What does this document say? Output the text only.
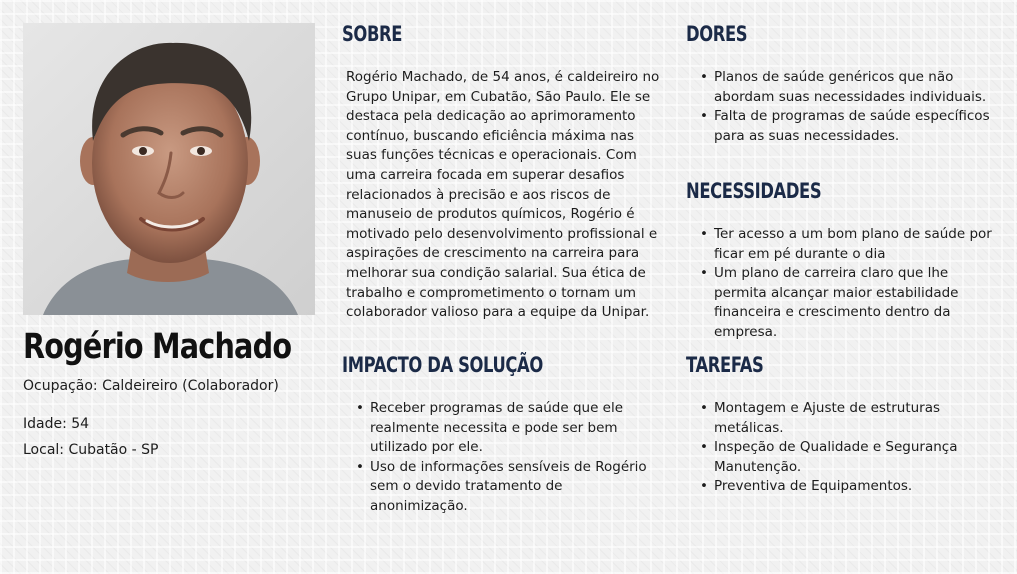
Rogério Machado
Ocupação: Caldeireiro (Colaborador)
Idade: 54
Local: Cubatão - SP
SOBRE

Rogério Machado, de 54 anos, é caldeireiro no Grupo Unipar, em Cubatão, São Paulo. Ele se destaca pela dedicação ao aprimoramento contínuo, buscando eficiência máxima nas suas funções técnicas e operacionais. Com uma carreira focada em superar desafios relacionados à precisão e aos riscos de manuseio de produtos químicos, Rogério é motivado pelo desenvolvimento profissional e aspirações de crescimento na carreira para melhorar sua condição salarial. Sua ética de trabalho e comprometimento o tornam um colaborador valioso para a equipe da Unipar.

IMPACTO DA SOLUÇÃO
• Receber programas de saúde que ele realmente necessita e pode ser bem utilizado por ele.
• Uso de informações sensíveis de Rogério sem o devido tratamento de anonimização.
DORES
• Planos de saúde genéricos que não abordam suas necessidades individuais.
• Falta de programas de saúde específicos para as suas necessidades.
NECESSIDADES
• Ter acesso a um bom plano de saúde por ficar em pé durante o dia
• Um plano de carreira claro que lhe permita alcançar maior estabilidade financeira e crescimento dentro da empresa.
TAREFAS
• Montagem e Ajuste de estruturas metálicas.
• Inspeção de Qualidade e Segurança Manutenção.
• Preventiva de Equipamentos.
